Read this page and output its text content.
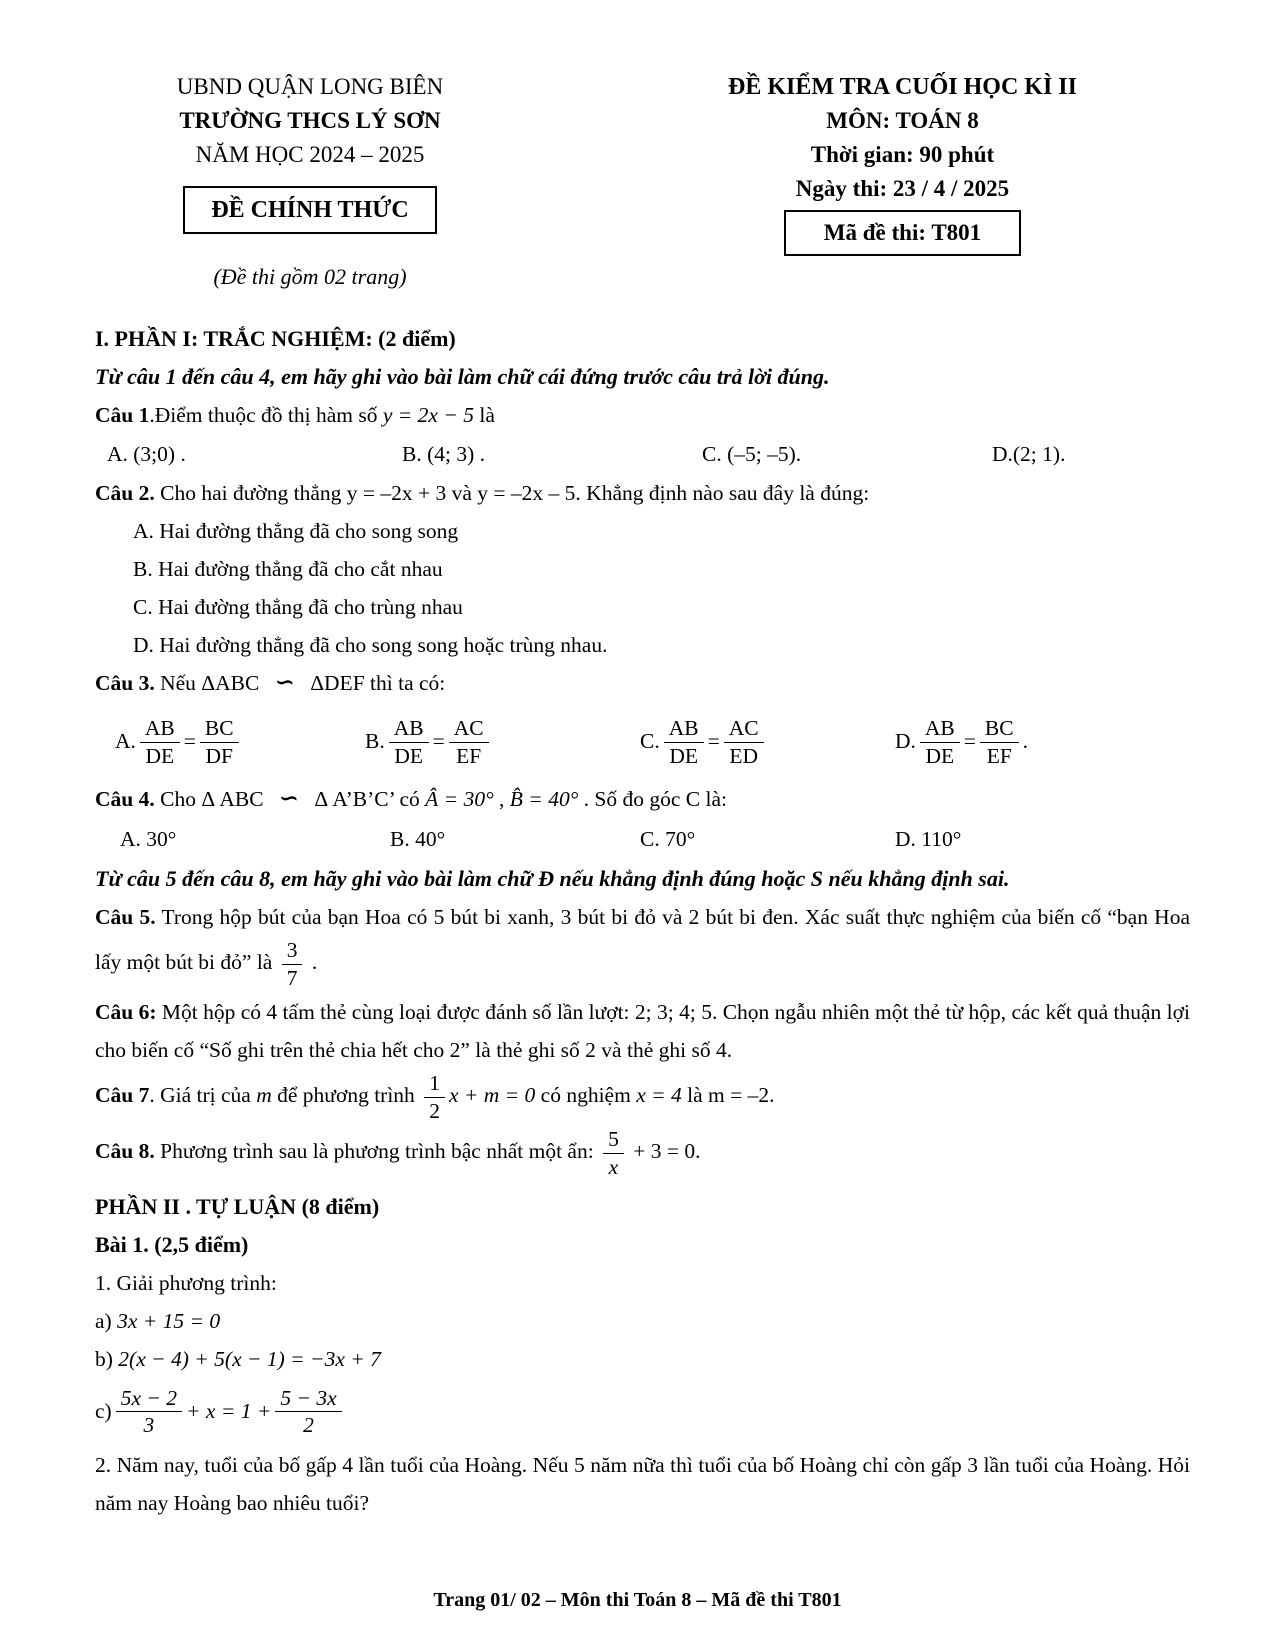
UBND QUẬN LONG BIÊN
TRƯỜNG THCS LÝ SƠN
NĂM HỌC 2024 – 2025
ĐỀ CHÍNH THỨC
(Đề thi gồm 02 trang)
ĐỀ KIỂM TRA CUỐI HỌC KÌ II
MÔN: TOÁN 8
Thời gian: 90 phút
Ngày thi: 23 / 4 / 2025
Mã đề thi: T801

I. PHẦN I: TRẮC NGHIỆM: (2 điểm)

Từ câu 1 đến câu 4, em hãy ghi vào bài làm chữ cái đứng trước câu trả lời đúng.

Câu 1.Điểm thuộc đồ thị hàm số y = 2x − 5 là

A. (3;0) .	B. (4; 3) .	C. (–5; –5).	D.(2; 1).

Câu 2. Cho hai đường thẳng y = –2x + 3 và y = –2x – 5. Khẳng định nào sau đây là đúng:

A. Hai đường thẳng đã cho song song

B. Hai đường thẳng đã cho cắt nhau

C. Hai đường thẳng đã cho trùng nhau

D. Hai đường thẳng đã cho song song hoặc trùng nhau.

Câu 3. Nếu ΔABC ∽ ΔDEF thì ta có:

A. $\frac{AB}{DE} = \frac{BC}{DF}$	B. $\frac{AB}{DE} = \frac{AC}{EF}$	C. $\frac{AB}{DE} = \frac{AC}{ED}$	D. $\frac{AB}{DE} = \frac{BC}{EF}$ .

Câu 4. Cho Δ ABC ∽ Δ A’B’C’ có Â = 30° , B̂ = 40° . Số đo góc C là:

A. 30°	B. 40°	C. 70°	D. 110°

Từ câu 5 đến câu 8, em hãy ghi vào bài làm chữ Đ nếu khẳng định đúng hoặc S nếu khẳng định sai.

Câu 5. Trong hộp bút của bạn Hoa có 5 bút bi xanh, 3 bút bi đỏ và 2 bút bi đen. Xác suất thực nghiệm của biến cố “bạn Hoa lấy một bút bi đỏ” là $\frac{3}{7}$ .

Câu 6: Một hộp có 4 tấm thẻ cùng loại được đánh số lần lượt: 2; 3; 4; 5. Chọn ngẫu nhiên một thẻ từ hộp, các kết quả thuận lợi cho biến cố “Số ghi trên thẻ chia hết cho 2” là thẻ ghi số 2 và thẻ ghi số 4.

Câu 7. Giá trị của m để phương trình $\frac{1}{2}$ x + m = 0 có nghiệm x = 4 là m = –2.

Câu 8. Phương trình sau là phương trình bậc nhất một ẩn: $\frac{5}{x} + 3 = 0$.

PHẦN II . TỰ LUẬN (8 điểm)

Bài 1. (2,5 điểm)

1. Giải phương trình:

a) 3x + 15 = 0

b) 2(x − 4) + 5(x − 1) = −3x + 7

$c) \frac{5x - 2}{3} + x = 1 + \frac{5 - 3x}{2}$

2. Năm nay, tuổi của bố gấp 4 lần tuổi của Hoàng. Nếu 5 năm nữa thì tuổi của bố Hoàng chỉ còn gấp 3 lần tuổi của Hoàng. Hỏi năm nay Hoàng bao nhiêu tuổi?

Trang 01/ 02 – Môn thi Toán 8 – Mã đề thi T801
